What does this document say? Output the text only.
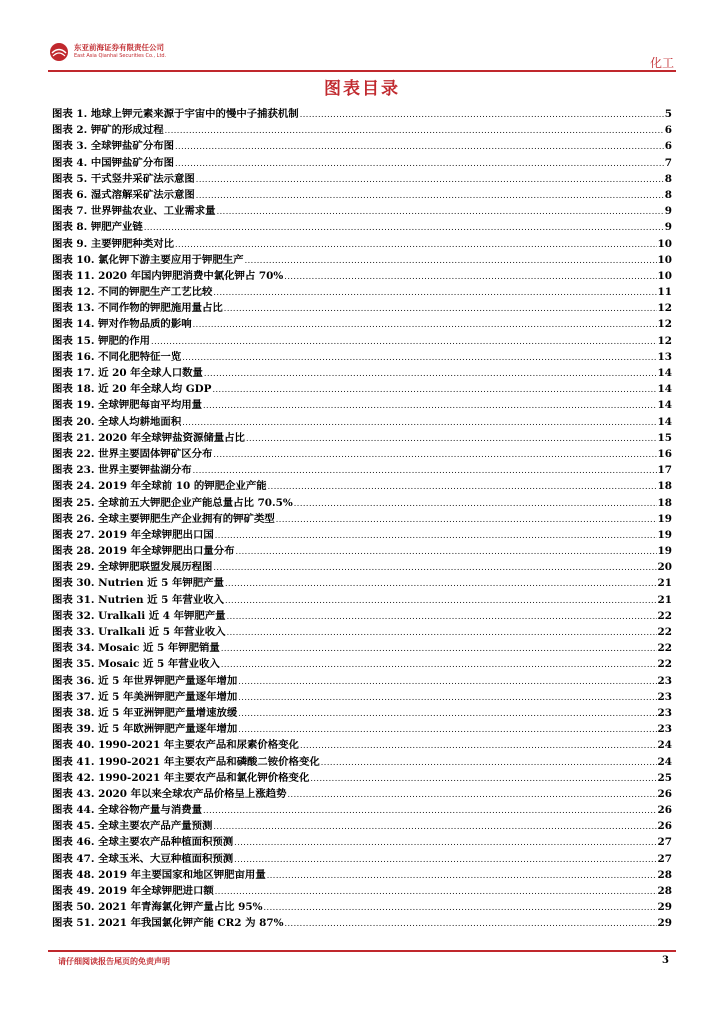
东亚前海证券有限责任公司
East Asia Qianhai Securities Co., Ltd.	化工
图表目录
图表 1. 地球上钾元素来源于宇宙中的慢中子捕获机制 .....	5
图表 2. 钾矿的形成过程 .....	6
图表 3. 全球钾盐矿分布图 .....	6
图表 4. 中国钾盐矿分布图 .....	7
图表 5. 干式竖井采矿法示意图 .....	8
图表 6. 湿式溶解采矿法示意图 .....	8
图表 7. 世界钾盐农业、工业需求量 .....	9
图表 8. 钾肥产业链 .....	9
图表 9. 主要钾肥种类对比 .....	10
图表 10. 氯化钾下游主要应用于钾肥生产 .....	10
图表 11. 2020 年国内钾肥消费中氯化钾占 70% .....	10
图表 12. 不同的钾肥生产工艺比较 .....	11
图表 13. 不同作物的钾肥施用量占比 .....	12
图表 14. 钾对作物品质的影响 .....	12
图表 15. 钾肥的作用 .....	12
图表 16. 不同化肥特征一览 .....	13
图表 17. 近 20 年全球人口数量 .....	14
图表 18. 近 20 年全球人均 GDP .....	14
图表 19. 全球钾肥每亩平均用量 .....	14
图表 20. 全球人均耕地面积 .....	14
图表 21. 2020 年全球钾盐资源储量占比 .....	15
图表 22. 世界主要固体钾矿区分布 .....	16
图表 23. 世界主要钾盐湖分布 .....	17
图表 24. 2019 年全球前 10 的钾肥企业产能 .....	18
图表 25. 全球前五大钾肥企业产能总量占比 70.5% .....	18
图表 26. 全球主要钾肥生产企业拥有的钾矿类型 .....	19
图表 27. 2019 年全球钾肥出口国 .....	19
图表 28. 2019 年全球钾肥出口量分布 .....	19
图表 29. 全球钾肥联盟发展历程图 .....	20
图表 30. Nutrien 近 5 年钾肥产量 .....	21
图表 31. Nutrien 近 5 年营业收入 .....	21
图表 32. Uralkali 近 4 年钾肥产量 .....	22
图表 33. Uralkali 近 5 年营业收入 .....	22
图表 34. Mosaic 近 5 年钾肥销量 .....	22
图表 35. Mosaic 近 5 年营业收入 .....	22
图表 36. 近 5 年世界钾肥产量逐年增加 .....	23
图表 37. 近 5 年美洲钾肥产量逐年增加 .....	23
图表 38. 近 5 年亚洲钾肥产量增速放缓 .....	23
图表 39. 近 5 年欧洲钾肥产量逐年增加 .....	23
图表 40. 1990-2021 年主要农产品和尿素价格变化 .....	24
图表 41. 1990-2021 年主要农产品和磷酸二铵价格变化 .....	24
图表 42. 1990-2021 年主要农产品和氯化钾价格变化 .....	25
图表 43. 2020 年以来全球农产品价格呈上涨趋势 .....	26
图表 44. 全球谷物产量与消费量 .....	26
图表 45. 全球主要农产品产量预测 .....	26
图表 46. 全球主要农产品种植面积预测 .....	27
图表 47. 全球玉米、大豆种植面积预测 .....	27
图表 48. 2019 年主要国家和地区钾肥亩用量 .....	28
图表 49. 2019 年全球钾肥进口额 .....	28
图表 50. 2021 年青海氯化钾产量占比 95% .....	29
图表 51. 2021 年我国氯化钾产能 CR2 为 87% .....	29
请仔细阅读报告尾页的免责声明	3
